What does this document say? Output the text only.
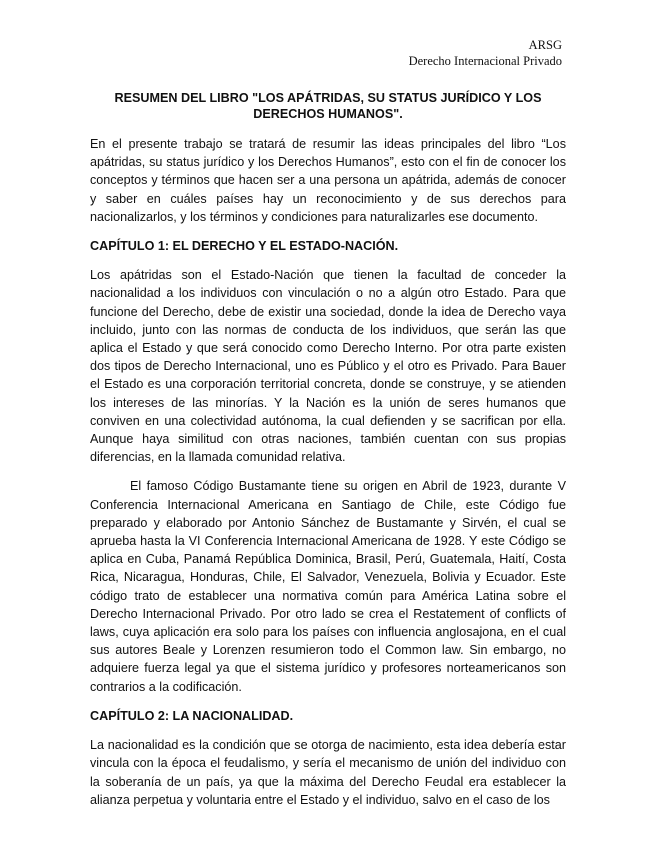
ARSG
Derecho Internacional Privado
RESUMEN DEL LIBRO "LOS APÁTRIDAS, SU STATUS JURÍDICO Y LOS DERECHOS HUMANOS".

En el presente trabajo se tratará de resumir las ideas principales del libro “Los apátridas, su status jurídico y los Derechos Humanos”, esto con el fin de conocer los conceptos y términos que hacen ser a una persona un apátrida, además de conocer y saber en cuáles países hay un reconocimiento y de sus derechos para nacionalizarlos, y los términos y condiciones para naturalizarles ese documento.

CAPÍTULO 1: EL DERECHO Y EL ESTADO-NACIÓN.

Los apátridas son el Estado-Nación que tienen la facultad de conceder la nacionalidad a los individuos con vinculación o no a algún otro Estado. Para que funcione del Derecho, debe de existir una sociedad, donde la idea de Derecho vaya incluido, junto con las normas de conducta de los individuos, que serán las que aplica el Estado y que será conocido como Derecho Interno. Por otra parte existen dos tipos de Derecho Internacional, uno es Público y el otro es Privado. Para Bauer el Estado es una corporación territorial concreta, donde se construye, y se atienden los intereses de las minorías. Y la Nación es la unión de seres humanos que conviven en una colectividad autónoma, la cual defienden y se sacrifican por ella. Aunque haya similitud con otras naciones, también cuentan con sus propias diferencias, en la llamada comunidad relativa.

El famoso Código Bustamante tiene su origen en Abril de 1923, durante V Conferencia Internacional Americana en Santiago de Chile, este Código fue preparado y elaborado por Antonio Sánchez de Bustamante y Sirvén, el cual se aprueba hasta la VI Conferencia Internacional Americana de 1928. Y este Código se aplica en Cuba, Panamá República Dominica, Brasil, Perú, Guatemala, Haití, Costa Rica, Nicaragua, Honduras, Chile, El Salvador, Venezuela, Bolivia y Ecuador. Este código trato de establecer una normativa común para América Latina sobre el Derecho Internacional Privado. Por otro lado se crea el Restatement of conflicts of laws, cuya aplicación era solo para los países con influencia anglosajona, en el cual sus autores Beale y Lorenzen resumieron todo el Common law. Sin embargo, no adquiere fuerza legal ya que el sistema jurídico y profesores norteamericanos son contrarios a la codificación.

CAPÍTULO 2: LA NACIONALIDAD.

La nacionalidad es la condición que se otorga de nacimiento, esta idea debería estar vincula con la época el feudalismo, y sería el mecanismo de unión del individuo con la soberanía de un país, ya que la máxima del Derecho Feudal era establecer la alianza perpetua y voluntaria entre el Estado y el individuo, salvo en el caso de los
